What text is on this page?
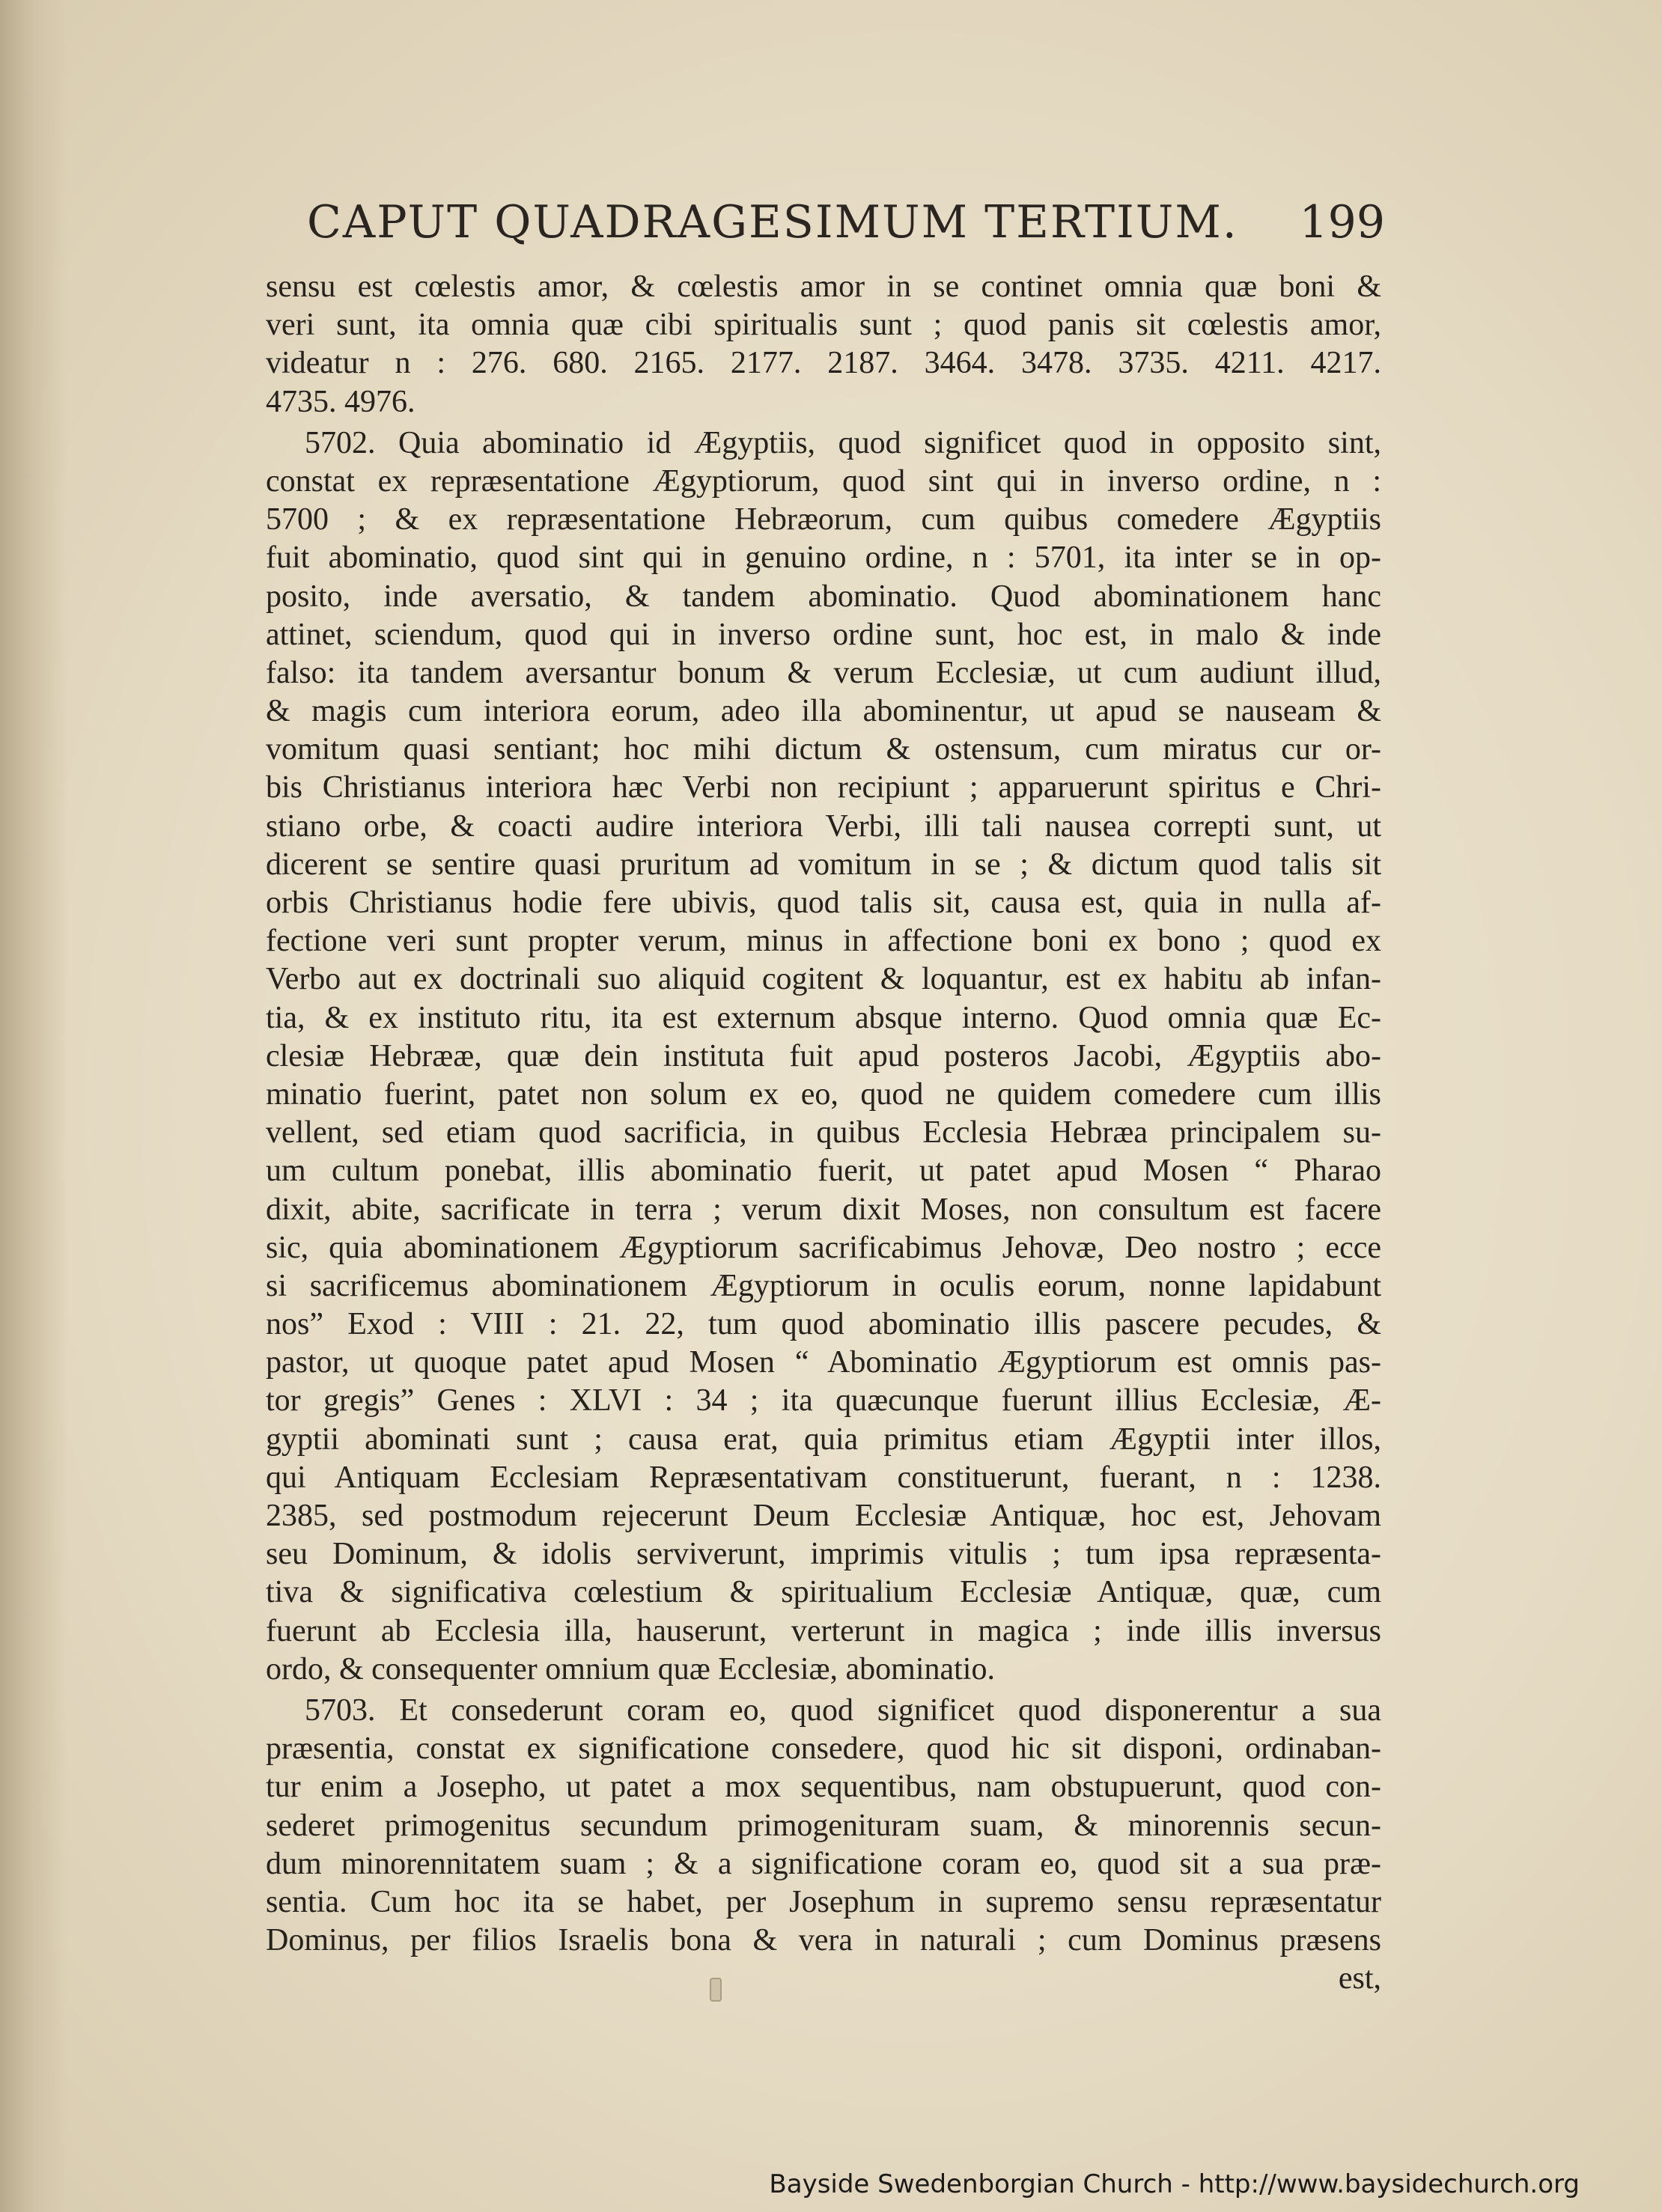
CAPUT QUADRAGESIMUM TERTIUM. 199
sensu est cœlestis amor, & cœlestis amor in se continet omnia quæ boni &
veri sunt, ita omnia quæ cibi spiritualis sunt ; quod panis sit cœlestis amor,
videatur n : 276. 680. 2165. 2177. 2187. 3464. 3478. 3735. 4211. 4217.
4735. 4976.
5702. Quia abominatio id Ægyptiis, quod significet quod in opposito sint,
constat ex repræsentatione Ægyptiorum, quod sint qui in inverso ordine, n :
5700 ; & ex repræsentatione Hebræorum, cum quibus comedere Ægyptiis
fuit abominatio, quod sint qui in genuino ordine, n : 5701, ita inter se in op-
posito, inde aversatio, & tandem abominatio. Quod abominationem hanc
attinet, sciendum, quod qui in inverso ordine sunt, hoc est, in malo & inde
falso: ita tandem aversantur bonum & verum Ecclesiæ, ut cum audiunt illud,
& magis cum interiora eorum, adeo illa abominentur, ut apud se nauseam &
vomitum quasi sentiant; hoc mihi dictum & ostensum, cum miratus cur or-
bis Christianus interiora hæc Verbi non recipiunt ; apparuerunt spiritus e Chri-
stiano orbe, & coacti audire interiora Verbi, illi tali nausea correpti sunt, ut
dicerent se sentire quasi pruritum ad vomitum in se ; & dictum quod talis sit
orbis Christianus hodie fere ubivis, quod talis sit, causa est, quia in nulla af-
fectione veri sunt propter verum, minus in affectione boni ex bono ; quod ex
Verbo aut ex doctrinali suo aliquid cogitent & loquantur, est ex habitu ab infan-
tia, & ex instituto ritu, ita est externum absque interno. Quod omnia quæ Ec-
clesiæ Hebrææ, quæ dein instituta fuit apud posteros Jacobi, Ægyptiis abo-
minatio fuerint, patet non solum ex eo, quod ne quidem comedere cum illis
vellent, sed etiam quod sacrificia, in quibus Ecclesia Hebræa principalem su-
um cultum ponebat, illis abominatio fuerit, ut patet apud Mosen “ Pharao
dixit, abite, sacrificate in terra ; verum dixit Moses, non consultum est facere
sic, quia abominationem Ægyptiorum sacrificabimus Jehovæ, Deo nostro ; ecce
si sacrificemus abominationem Ægyptiorum in oculis eorum, nonne lapidabunt
nos” Exod : VIII : 21. 22, tum quod abominatio illis pascere pecudes, &
pastor, ut quoque patet apud Mosen “ Abominatio Ægyptiorum est omnis pas-
tor gregis” Genes : XLVI : 34 ; ita quæcunque fuerunt illius Ecclesiæ, Æ-
gyptii abominati sunt ; causa erat, quia primitus etiam Ægyptii inter illos,
qui Antiquam Ecclesiam Repræsentativam constituerunt, fuerant, n : 1238.
2385, sed postmodum rejecerunt Deum Ecclesiæ Antiquæ, hoc est, Jehovam
seu Dominum, & idolis serviverunt, imprimis vitulis ; tum ipsa repræsenta-
tiva & significativa cœlestium & spiritualium Ecclesiæ Antiquæ, quæ, cum
fuerunt ab Ecclesia illa, hauserunt, verterunt in magica ; inde illis inversus
ordo, & consequenter omnium quæ Ecclesiæ, abominatio.
5703. Et consederunt coram eo, quod significet quod disponerentur a sua
præsentia, constat ex significatione consedere, quod hic sit disponi, ordinaban-
tur enim a Josepho, ut patet a mox sequentibus, nam obstupuerunt, quod con-
sederet primogenitus secundum primogenituram suam, & minorennis secun-
dum minorennitatem suam ; & a significatione coram eo, quod sit a sua præ-
sentia. Cum hoc ita se habet, per Josephum in supremo sensu repræsentatur
Dominus, per filios Israelis bona & vera in naturali ; cum Dominus præsens
est,
Bayside Swedenborgian Church - http://www.baysidechurch.org
